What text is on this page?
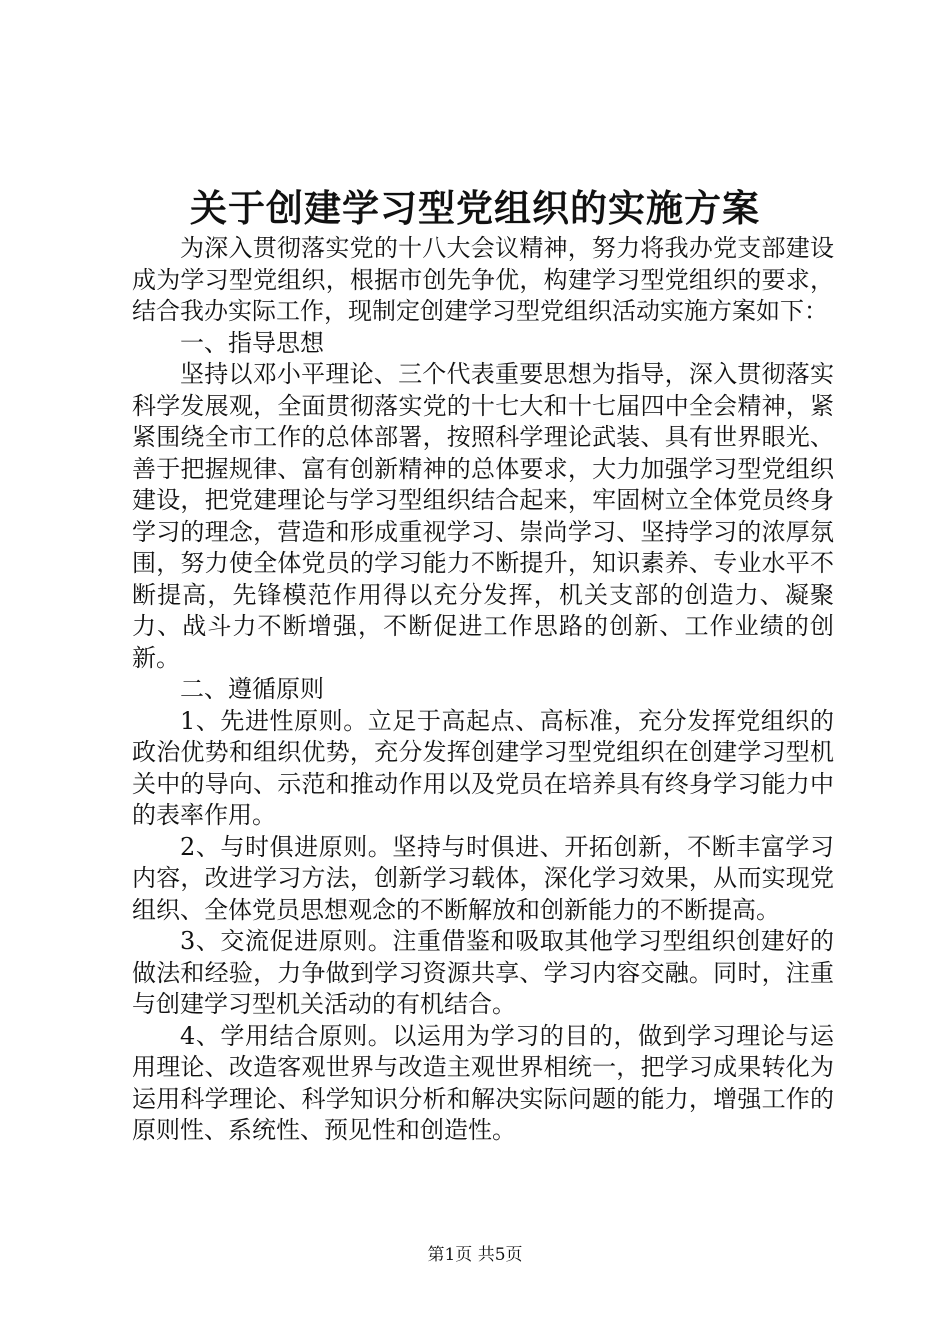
关于创建学习型党组织的实施方案

为深入贯彻落实党的十八大会议精神，努力将我办党支部建设成为学习型党组织，根据市创先争优，构建学习型党组织的要求，结合我办实际工作，现制定创建学习型党组织活动实施方案如下：

一、指导思想

坚持以邓小平理论、三个代表重要思想为指导，深入贯彻落实科学发展观，全面贯彻落实党的十七大和十七届四中全会精神，紧紧围绕全市工作的总体部署，按照科学理论武装、具有世界眼光、善于把握规律、富有创新精神的总体要求，大力加强学习型党组织建设，把党建理论与学习型组织结合起来，牢固树立全体党员终身学习的理念，营造和形成重视学习、崇尚学习、坚持学习的浓厚氛围，努力使全体党员的学习能力不断提升，知识素养、专业水平不断提高，先锋模范作用得以充分发挥，机关支部的创造力、凝聚力、战斗力不断增强，不断促进工作思路的创新、工作业绩的创新。

二、遵循原则

1、先进性原则。立足于高起点、高标准，充分发挥党组织的政治优势和组织优势，充分发挥创建学习型党组织在创建学习型机关中的导向、示范和推动作用以及党员在培养具有终身学习能力中的表率作用。

2、与时俱进原则。坚持与时俱进、开拓创新，不断丰富学习内容，改进学习方法，创新学习载体，深化学习效果，从而实现党组织、全体党员思想观念的不断解放和创新能力的不断提高。

3、交流促进原则。注重借鉴和吸取其他学习型组织创建好的做法和经验，力争做到学习资源共享、学习内容交融。同时，注重与创建学习型机关活动的有机结合。

4、学用结合原则。以运用为学习的目的，做到学习理论与运用理论、改造客观世界与改造主观世界相统一，把学习成果转化为运用科学理论、科学知识分析和解决实际问题的能力，增强工作的原则性、系统性、预见性和创造性。

第1页 共5页
